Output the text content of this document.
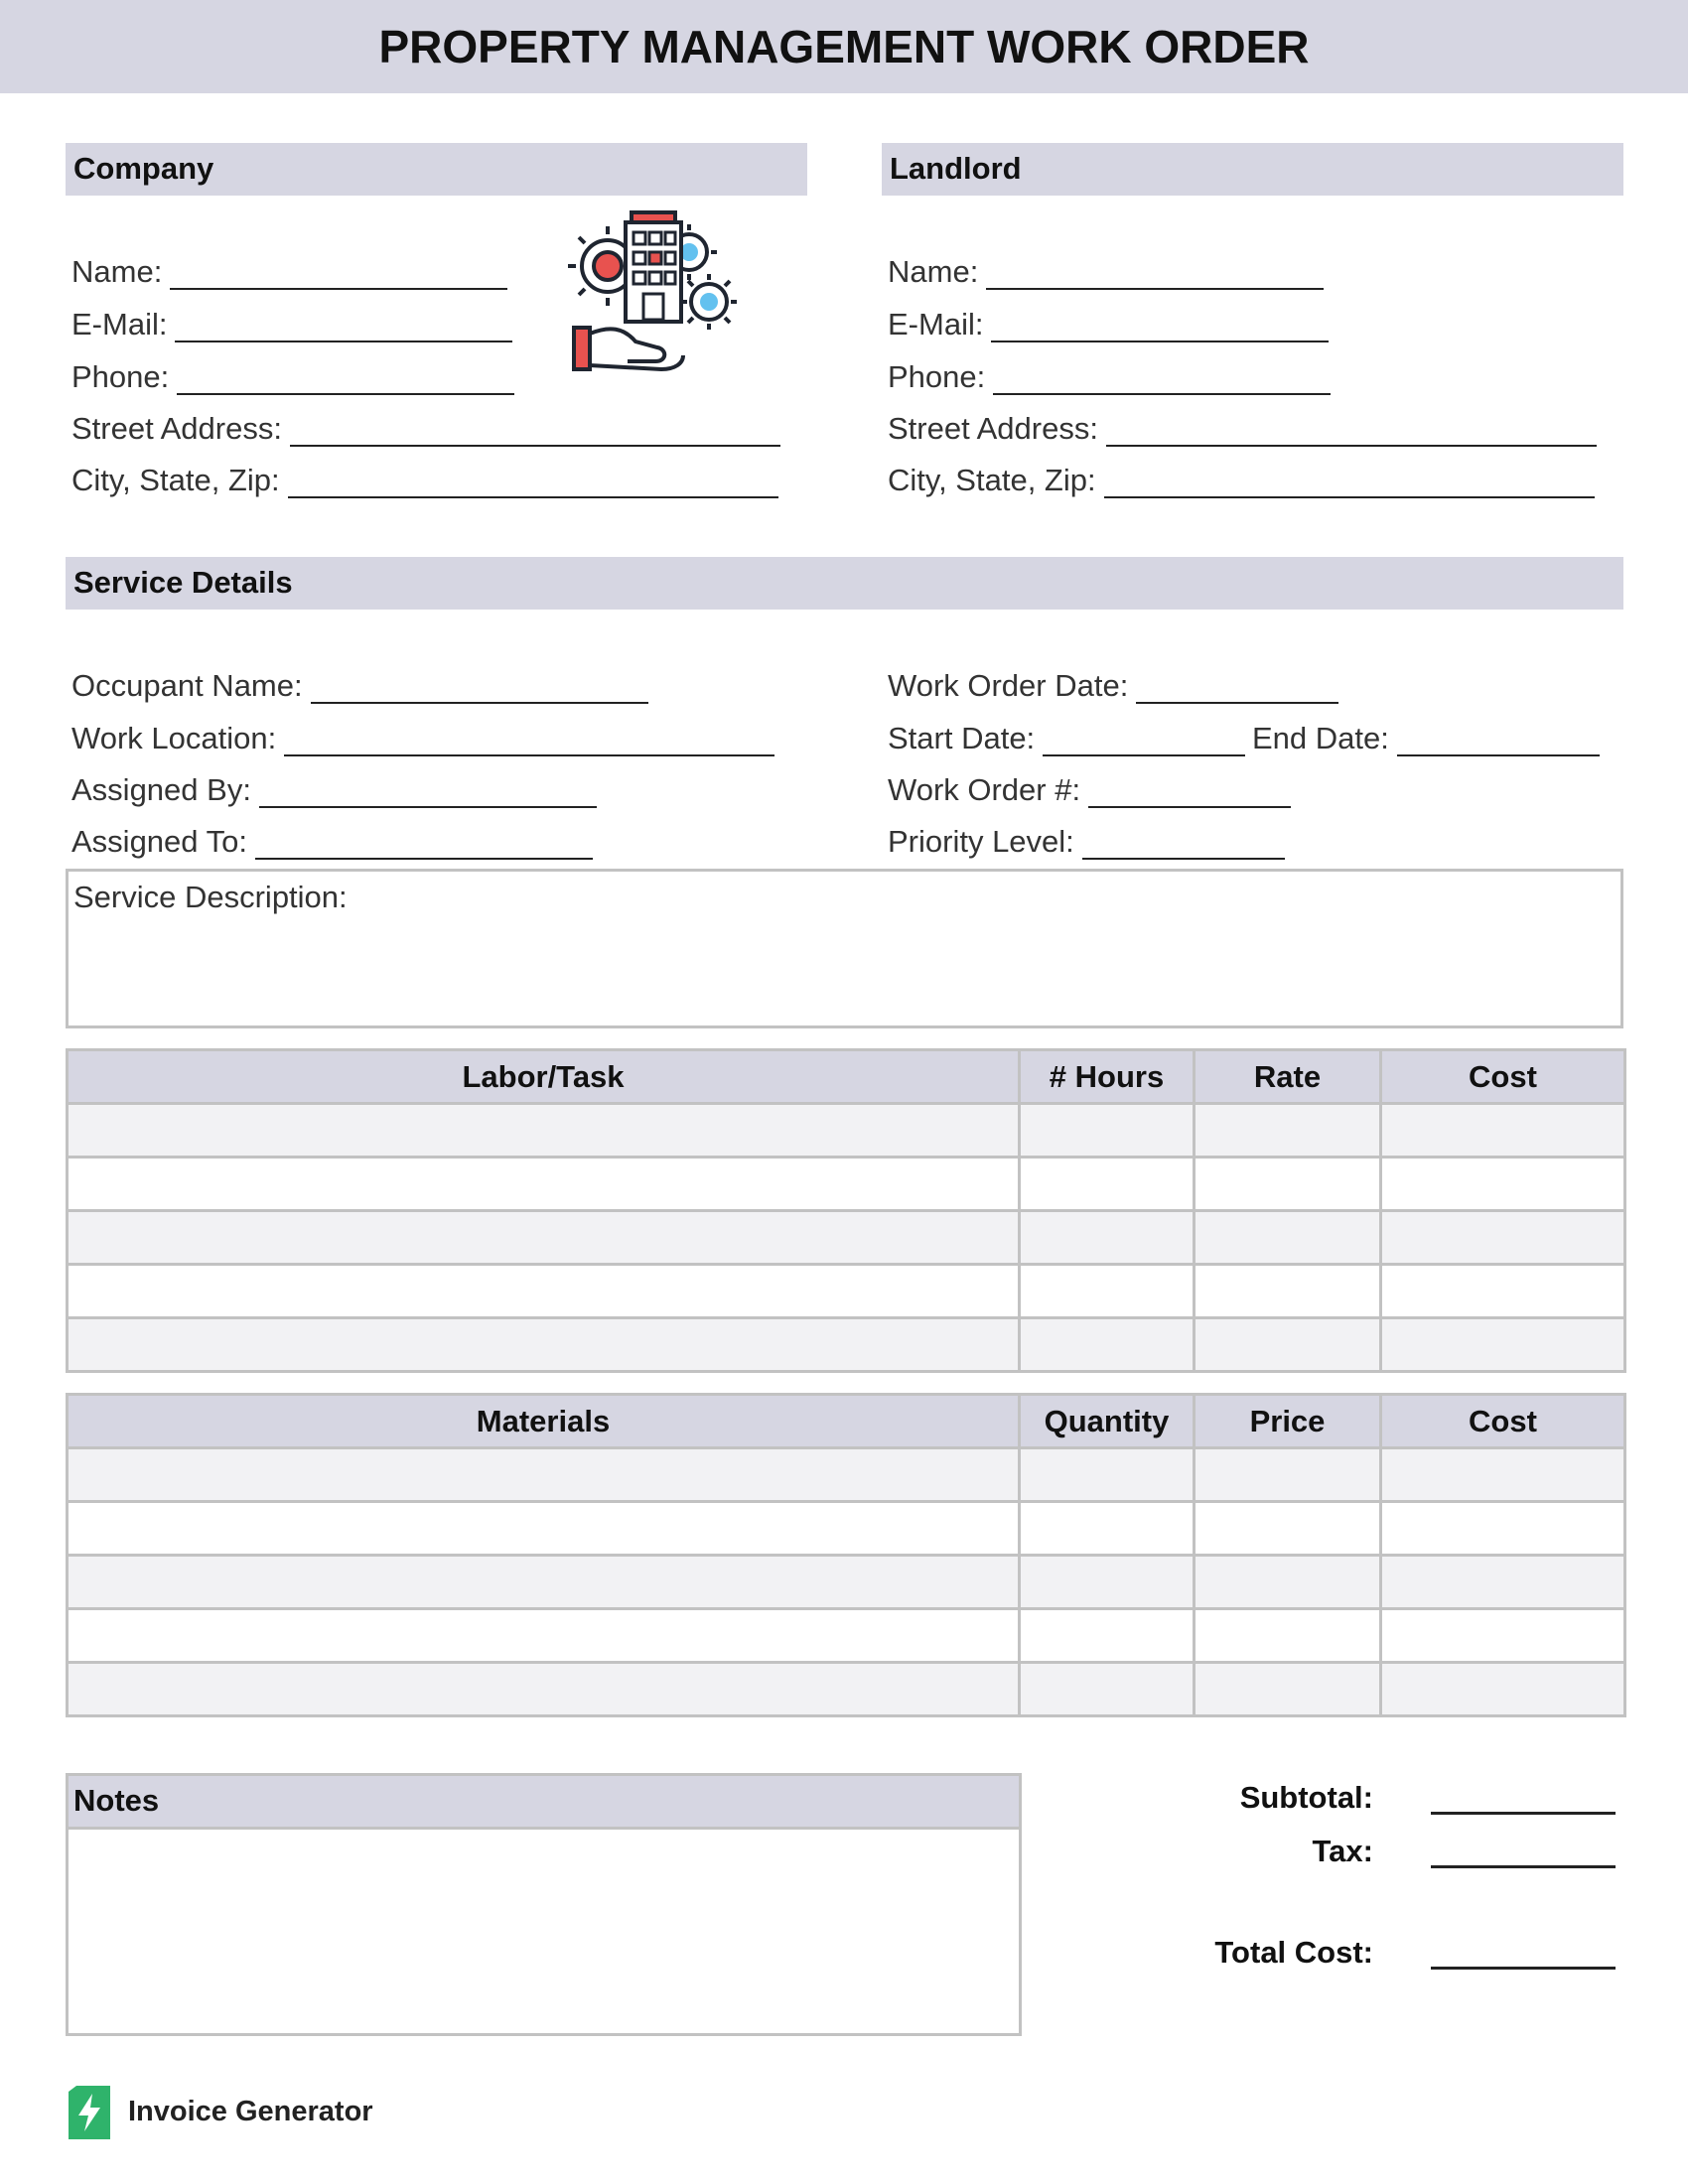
PROPERTY MANAGEMENT WORK ORDER
Company
Name:
E-Mail:
Phone:
Street Address:
City, State, Zip:
Landlord
Name:
E-Mail:
Phone:
Street Address:
City, State, Zip:
Service Details
Occupant Name:
Work Location:
Assigned By:
Assigned To:
Work Order Date:
Start Date:	End Date:
Work Order #:
Priority Level:
Service Description:
Labor/Task	# Hours	Rate	Cost

Materials	Quantity	Price	Cost

Notes	Subtotal:
Tax:
Total Cost:
Invoice Generator
